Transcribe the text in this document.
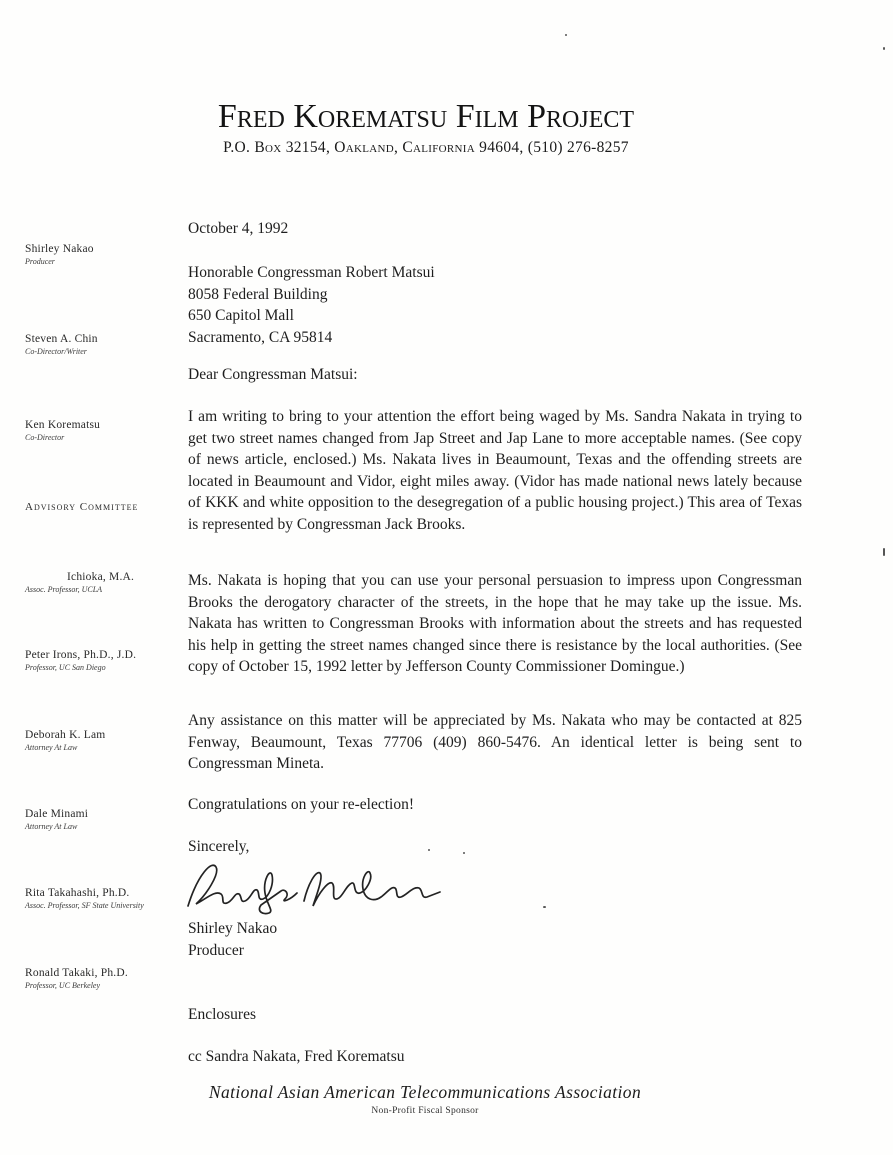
Fred Korematsu Film Project
P.O. Box 32154, Oakland, California 94604, (510) 276-8257
Shirley Nakao
Producer
Steven A. Chin
Co-Director/Writer
Ken Korematsu
Co-Director
Advisory Committee
Ichioka, M.A.
Assoc. Professor, UCLA
Peter Irons, Ph.D., J.D.
Professor, UC San Diego
Deborah K. Lam
Attorney At Law
Dale Minami
Attorney At Law
Rita Takahashi, Ph.D.
Assoc. Professor, SF State University
Ronald Takaki, Ph.D.
Professor, UC Berkeley
October 4, 1992
Honorable Congressman Robert Matsui
8058 Federal Building
650 Capitol Mall
Sacramento, CA 95814
Dear Congressman Matsui:
I am writing to bring to your attention the effort being waged by Ms. Sandra Nakata in trying to get two street names changed from Jap Street and Jap Lane to more acceptable names. (See copy of news article, enclosed.) Ms. Nakata lives in Beaumount, Texas and the offending streets are located in Beaumount and Vidor, eight miles away. (Vidor has made national news lately because of KKK and white opposition to the desegregation of a public housing project.) This area of Texas is represented by Congressman Jack Brooks.
Ms. Nakata is hoping that you can use your personal persuasion to impress upon Congressman Brooks the derogatory character of the streets, in the hope that he may take up the issue. Ms. Nakata has written to Congressman Brooks with information about the streets and has requested his help in getting the street names changed since there is resistance by the local authorities. (See copy of October 15, 1992 letter by Jefferson County Commissioner Domingue.)
Any assistance on this matter will be appreciated by Ms. Nakata who may be contacted at 825 Fenway, Beaumount, Texas 77706 (409) 860-5476. An identical letter is being sent to Congressman Mineta.
Congratulations on your re-election!
Sincerely,
Shirley Nakao
Producer
Enclosures
cc Sandra Nakata, Fred Korematsu
National Asian American Telecommunications Association
Non-Profit Fiscal Sponsor
